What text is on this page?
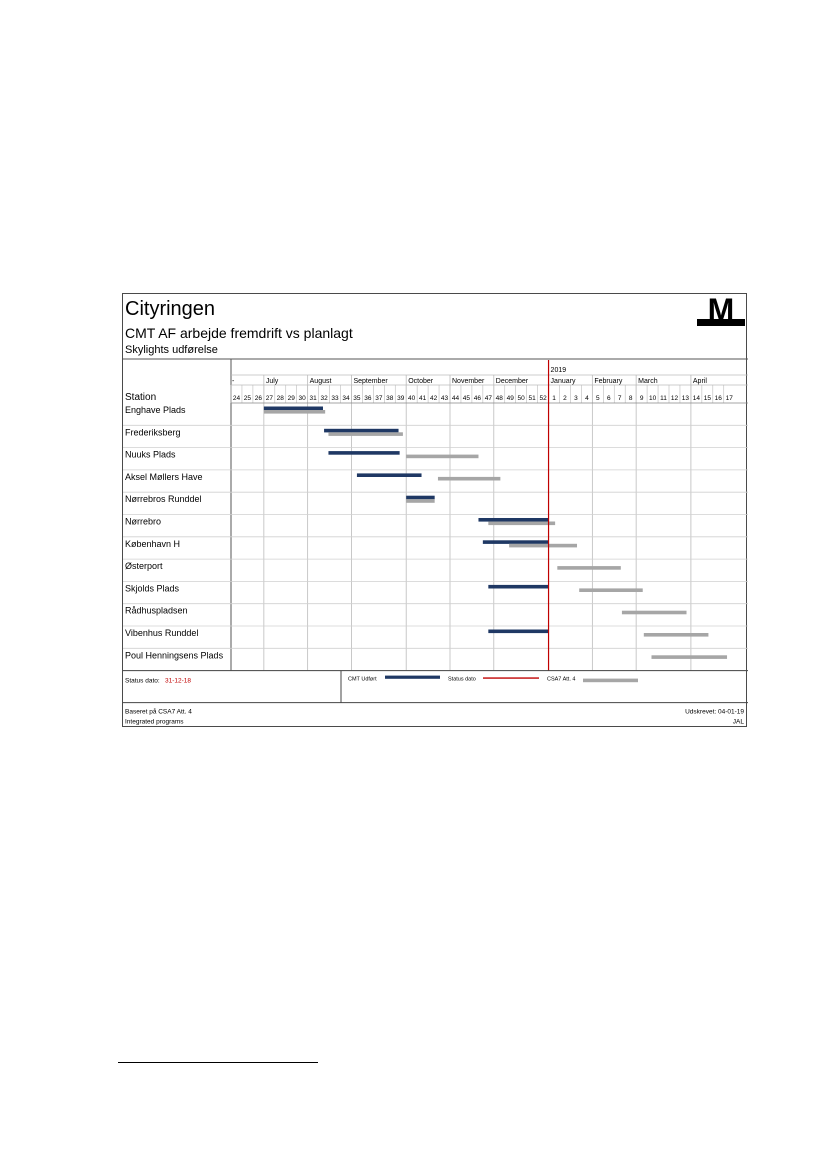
Cityringen
CMT AF arbejde fremdrift vs planlagt
Skylights udførelse
M
2019
-	July	August	September	October	November December	January	February March	April
24 25 26 27 28 29 30 31 32 33 34 35 36 37 38 39 40 41 42 43 44 45 46 47 48 49 50 51 52 1 2 3 4 5 6 7 8 9 10 11 12 13 14 15 16 17
Station
Enghave Plads
Frederiksberg
Nuuks Plads
Aksel Møllers Have
Nørrebros Runddel
Nørrebro
København H
Østerport
Skjolds Plads
Rådhuspladsen
Vibenhus Runddel
Poul Henningsens Plads
Status dato: 31-12-18	CMT Udført	Status dato	CSA7 Att. 4
Baseret på CSA7 Att. 4
Integrated programs
Udskrevet: 04-01-19
JAL
